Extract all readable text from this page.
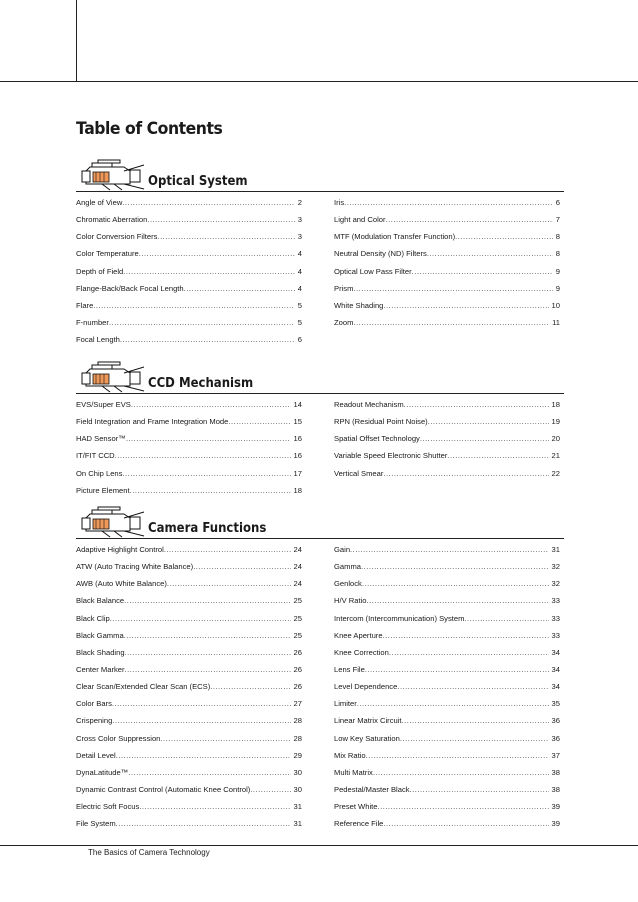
Table of Contents
Optical System
Angle of View .....	2
Chromatic Aberration .....	3
Color Conversion Filters .....	3
Color Temperature .....	4
Depth of Field .....	4
Flange-Back/Back Focal Length .....	4
Flare .....	5
F-number .....	5
Focal Length .....	6
Iris .....	6
Light and Color .....	7
MTF (Modulation Transfer Function) .....	8
Neutral Density (ND) Filters .....	8
Optical Low Pass Filter .....	9
Prism .....	9
White Shading .....	10
Zoom .....	11
CCD Mechanism
EVS/Super EVS .....	14
Field Integration and Frame Integration Mode .....	15
HAD Sensor™ .....	16
IT/FIT CCD .....	16
On Chip Lens .....	17
Picture Element .....	18
Readout Mechanism .....	18
RPN (Residual Point Noise) .....	19
Spatial Offset Technology .....	20
Variable Speed Electronic Shutter .....	21
Vertical Smear .....	22
Camera Functions
Adaptive Highlight Control .....	24
ATW (Auto Tracing White Balance) .....	24
AWB (Auto White Balance) .....	24
Black Balance .....	25
Black Clip .....	25
Black Gamma .....	25
Black Shading .....	26
Center Marker .....	26
Clear Scan/Extended Clear Scan (ECS) .....	26
Color Bars .....	27
Crispening .....	28
Cross Color Suppression .....	28
Detail Level .....	29
DynaLatitude™ .....	30
Dynamic Contrast Control (Automatic Knee Control) .....	30
Electric Soft Focus .....	31
File System .....	31
Gain .....	31
Gamma .....	32
Genlock .....	32
H/V Ratio .....	33
Intercom (Intercommunication) System .....	33
Knee Aperture .....	33
Knee Correction .....	34
Lens File .....	34
Level Dependence .....	34
Limiter .....	35
Linear Matrix Circuit .....	36
Low Key Saturation .....	36
Mix Ratio .....	37
Multi Matrix .....	38
Pedestal/Master Black .....	38
Preset White .....	39
Reference File .....	39
The Basics of Camera Technology
